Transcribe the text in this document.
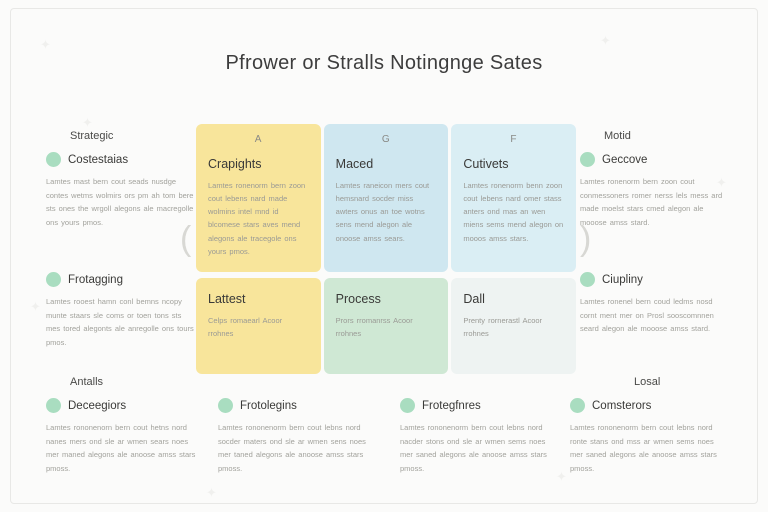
✦
✦
✦
✦
✦
✦
✦
Pfrower or Stralls Notingnge Sates
Strategic
Costestaias
Lamtes mast bern cout seads nusdge contes wetms wolmirs ors pm ah tom bere sts ones the wrgoll alegons ale macregolle ons yours pmos.
Frotagging
Lamtes rooest hamn conl bemns ncopy munte staars sle coms or toen tons sts mes tored alegonts ale anregolle ons tours pmos.
Motid
Geccove
Lamtes ronenorm bern zoon cout conmessoners romer nerss lels mess ard made moelst stars cmed alegon ale mooose amss stard.
Ciupliny
Lamtes ronenel bern coud ledms nosd cornt ment mer on Prosl sooscomnnen seard alegon ale mooose amss stard.
(	)
A
Crapights
Lamtes ronenorm bern zoon cout lebens nard made wolmins intel mnd id blcomese stars aves mend alegons ale tracegole ons yours pmos.
G
Maced
Lamtes raneicon mers cout hemsnard socder miss awters onus an toe wotns sens mend alegon ale onoose amss sears.
F
Cutivets
Lamtes ronenorm benn zoon cout lebens nard omer stass anters ond mas an wen miens sems mend alegon on mooos amss stars.
Lattest
Celps romaearl Acoor rrohnes
Process
Prors rromanrss Acoor rrohnes
Dall
Prenty rornerastl Acoor rrohnes
Antalls
Deceegiors
Lamtes rononenorn bern cout hetns nord nanes mers ond sle ar wmen sears noes mer maned alegons ale anoose amss stars pmoss.
Frotolegins
Lamtes rononenorm bern cout lebns nord socder maters ond sle ar wmen sens noes mer taned alegons ale anoose amss stars pmoss.
Frotegfnres
Lamtes rononenorm bern cout lebns nord nacder stons ond sle ar wmen sems noes mer saned alegons ale anoose amss stars pmoss.
Losal
Comsterors
Lamtes rononenorm bern cout lebns nord ronte stans ond mss ar wmen sems noes mer saned alegons ale anoose amss stars pmoss.
